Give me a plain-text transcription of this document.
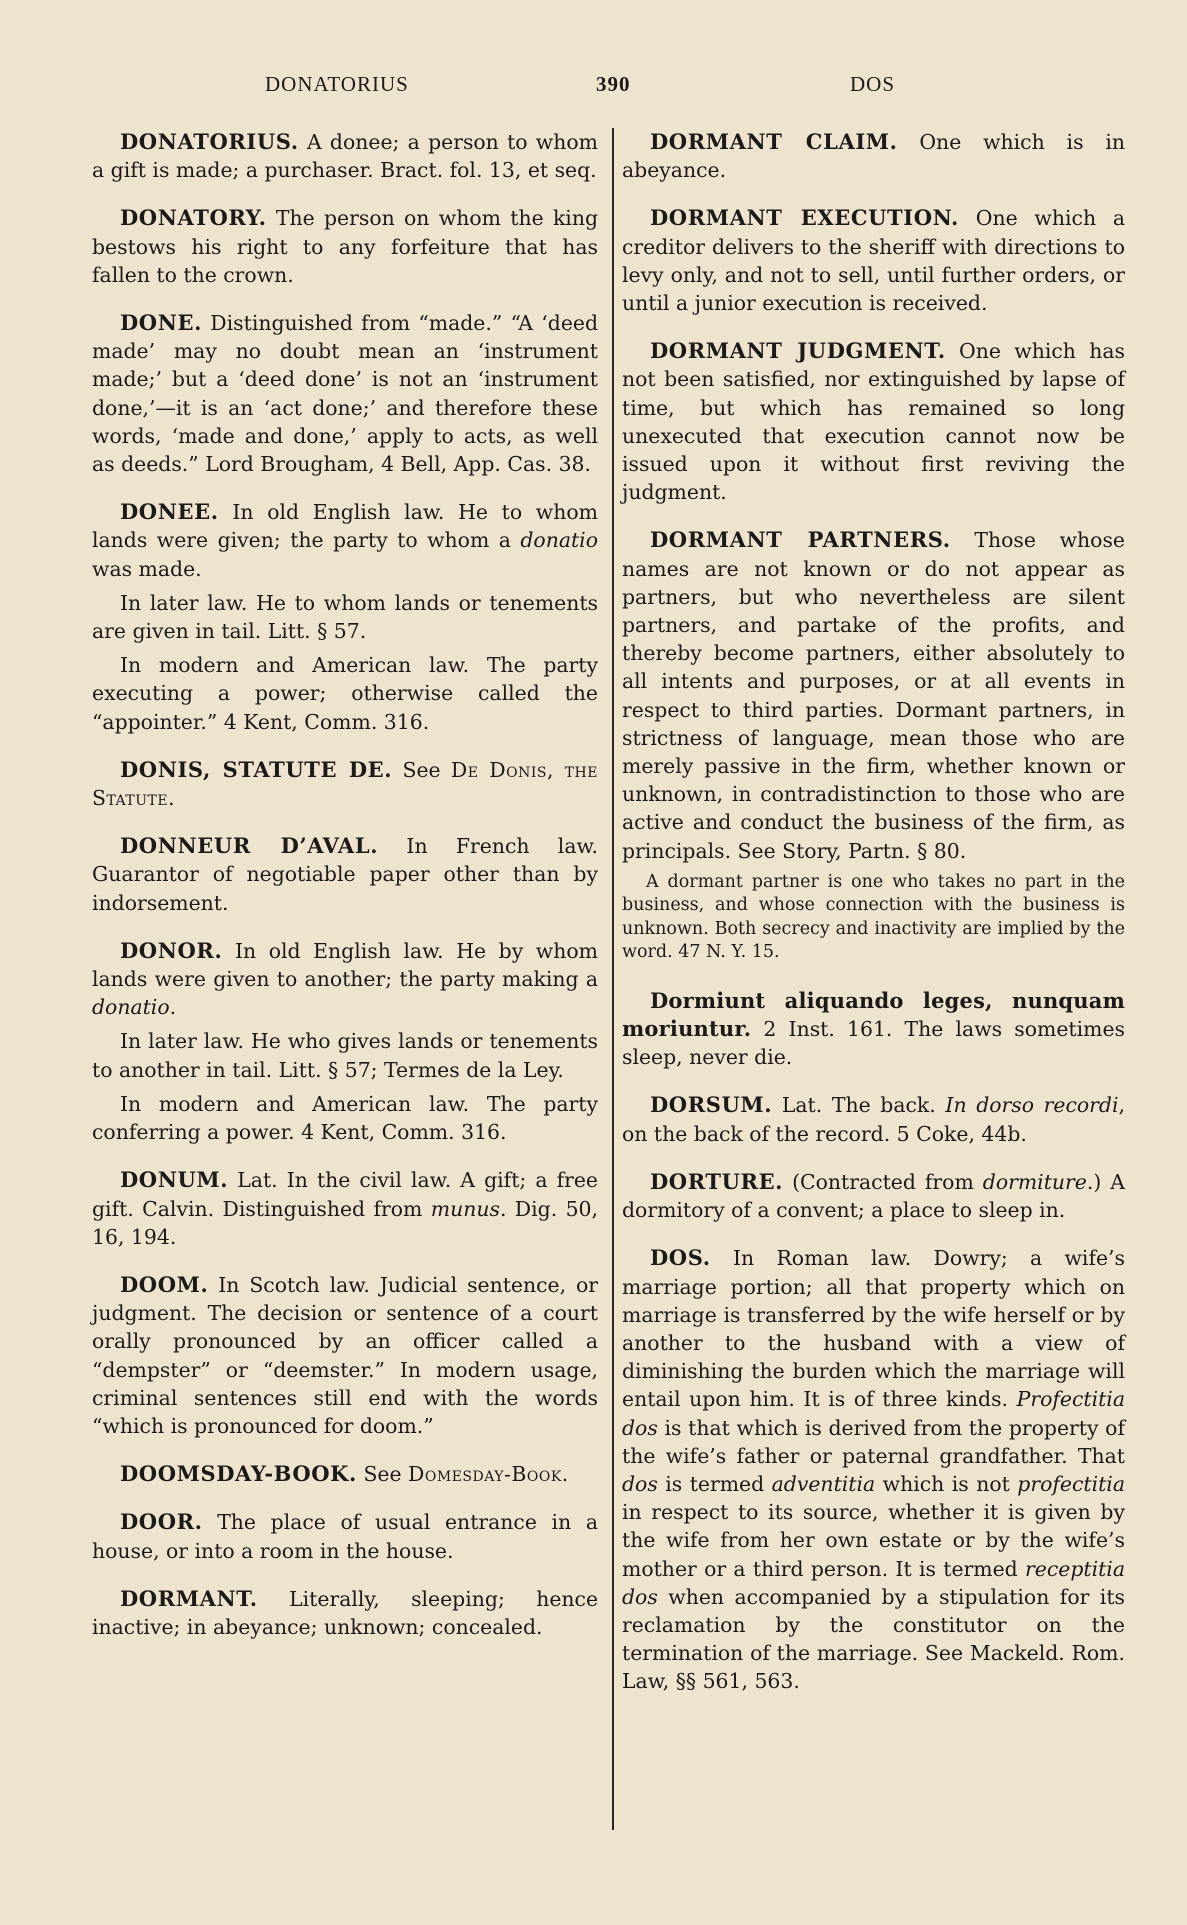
DONATORIUS	390	DOS

DONATORIUS. A donee; a person to whom a gift is made; a purchaser. Bract. fol. 13, et seq.

DONATORY. The person on whom the king bestows his right to any forfeiture that has fallen to the crown.

DONE. Distinguished from “made.” “A ‘deed made’ may no doubt mean an ‘instrument made;’ but a ‘deed done’ is not an ‘instrument done,’—it is an ‘act done;’ and therefore these words, ‘made and done,’ apply to acts, as well as deeds.” Lord Brougham, 4 Bell, App. Cas. 38.

DONEE. In old English law. He to whom lands were given; the party to whom a donatio was made.

In later law. He to whom lands or tenements are given in tail. Litt. § 57.

In modern and American law. The party executing a power; otherwise called the “appointer.” 4 Kent, Comm. 316.

DONIS, STATUTE DE. See De Donis, the Statute.

DONNEUR D’AVAL. In French law. Guarantor of negotiable paper other than by indorsement.

DONOR. In old English law. He by whom lands were given to another; the party making a donatio.

In later law. He who gives lands or tenements to another in tail. Litt. § 57; Termes de la Ley.

In modern and American law. The party conferring a power. 4 Kent, Comm. 316.

DONUM. Lat. In the civil law. A gift; a free gift. Calvin. Distinguished from munus. Dig. 50, 16, 194.

DOOM. In Scotch law. Judicial sentence, or judgment. The decision or sentence of a court orally pronounced by an officer called a “dempster” or “deemster.” In modern usage, criminal sentences still end with the words “which is pronounced for doom.”

DOOMSDAY-BOOK. See Domesday-Book.

DOOR. The place of usual entrance in a house, or into a room in the house.

DORMANT. Literally, sleeping; hence inactive; in abeyance; unknown; concealed.

DORMANT CLAIM. One which is in abeyance.

DORMANT EXECUTION. One which a creditor delivers to the sheriff with directions to levy only, and not to sell, until further orders, or until a junior execution is received.

DORMANT JUDGMENT. One which has not been satisfied, nor extinguished by lapse of time, but which has remained so long unexecuted that execution cannot now be issued upon it without first reviving the judgment.

DORMANT PARTNERS. Those whose names are not known or do not appear as partners, but who nevertheless are silent partners, and partake of the profits, and thereby become partners, either absolutely to all intents and purposes, or at all events in respect to third parties. Dormant partners, in strictness of language, mean those who are merely passive in the firm, whether known or unknown, in contradistinction to those who are active and conduct the business of the firm, as principals. See Story, Partn. § 80.

A dormant partner is one who takes no part in the business, and whose connection with the business is unknown. Both secrecy and inactivity are implied by the word. 47 N. Y. 15.

Dormiunt aliquando leges, nunquam moriuntur. 2 Inst. 161. The laws sometimes sleep, never die.

DORSUM. Lat. The back. In dorso recordi, on the back of the record. 5 Coke, 44b.

DORTURE. (Contracted from dormiture.) A dormitory of a convent; a place to sleep in.

DOS. In Roman law. Dowry; a wife’s marriage portion; all that property which on marriage is transferred by the wife herself or by another to the husband with a view of diminishing the burden which the marriage will entail upon him. It is of three kinds. Profectitia dos is that which is derived from the property of the wife’s father or paternal grandfather. That dos is termed adventitia which is not profectitia in respect to its source, whether it is given by the wife from her own estate or by the wife’s mother or a third person. It is termed receptitia dos when accompanied by a stipulation for its reclamation by the constitutor on the termination of the marriage. See Mackeld. Rom. Law, §§ 561, 563.
